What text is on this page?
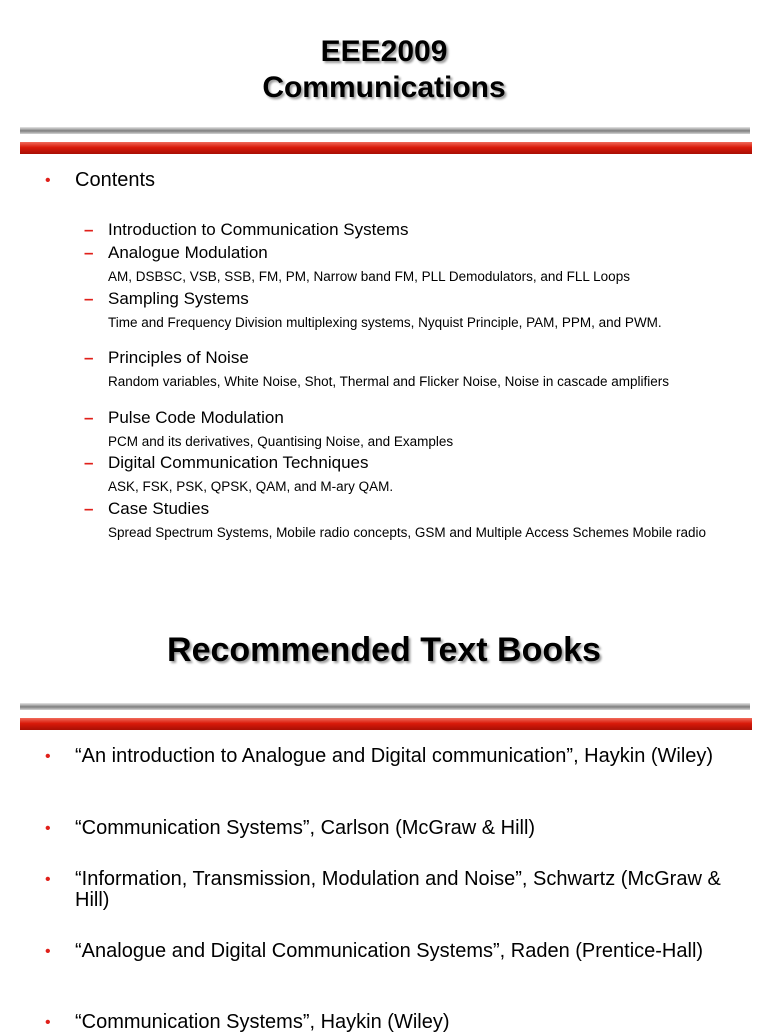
EEE2009
Communications
• Contents
– Introduction to Communication Systems
– Analogue Modulation
AM, DSBSC, VSB, SSB, FM, PM, Narrow band FM, PLL Demodulators, and FLL Loops
– Sampling Systems
Time and Frequency Division multiplexing systems, Nyquist Principle, PAM, PPM, and PWM.
– Principles of Noise
Random variables, White Noise, Shot, Thermal and Flicker Noise, Noise in cascade amplifiers
– Pulse Code Modulation
PCM and its derivatives, Quantising Noise, and Examples
– Digital Communication Techniques
ASK, FSK, PSK, QPSK, QAM, and M-ary QAM.
– Case Studies
Spread Spectrum Systems, Mobile radio concepts, GSM and Multiple Access Schemes Mobile radio
Recommended Text Books
• “An introduction to Analogue and Digital communication”, Haykin (Wiley)
• “Communication Systems”, Carlson (McGraw & Hill)
• “Information, Transmission, Modulation and Noise”, Schwartz (McGraw & Hill)
• “Analogue and Digital Communication Systems”, Raden (Prentice-Hall)
• “Communication Systems”, Haykin (Wiley)
